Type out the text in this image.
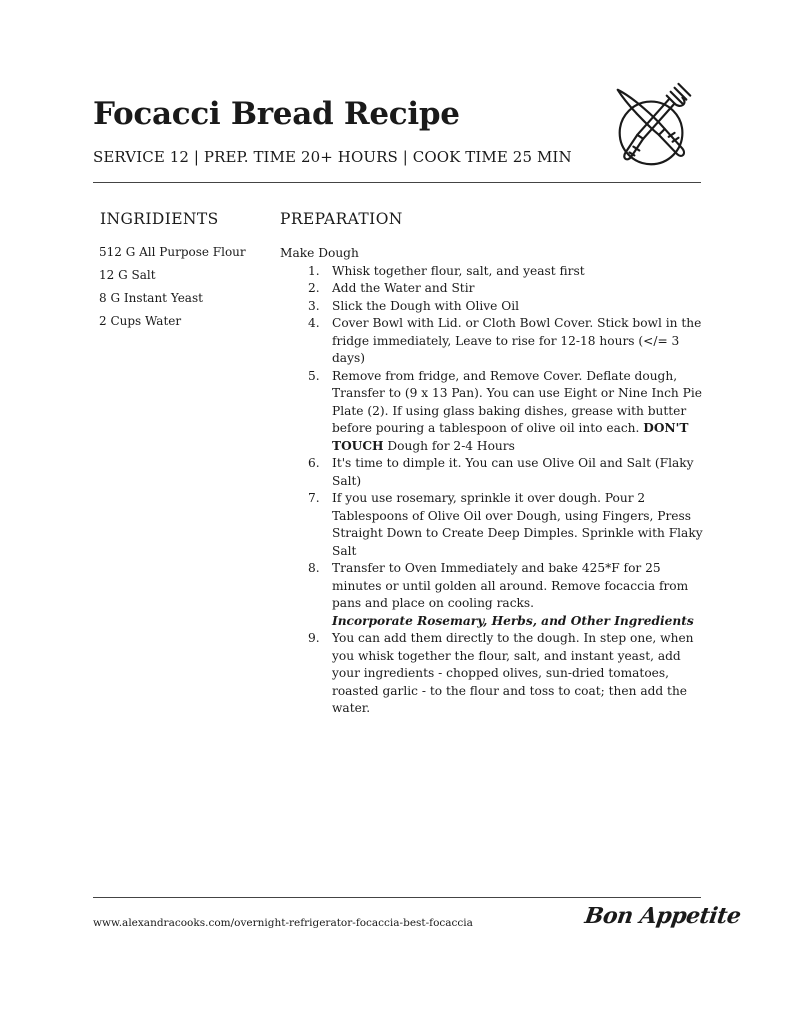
Focacci Bread Recipe
SERVICE 12 | PREP. TIME 20+ HOURS | COOK TIME 25 MIN
INGRIDIENTS	PREPARATION
512 G All Purpose Flour
12 G Salt
8 G Instant Yeast
2 Cups Water
Make Dough
1. Whisk together flour, salt, and yeast first
2. Add the Water and Stir
3. Slick the Dough with Olive Oil
4. Cover Bowl with Lid. or Cloth Bowl Cover. Stick bowl in the fridge immediately, Leave to rise for 12-18 hours (</= 3 days)
5. Remove from fridge, and Remove Cover. Deflate dough, Transfer to (9 x 13 Pan). You can use Eight or Nine Inch Pie Plate (2). If using glass baking dishes, grease with butter before pouring a tablespoon of olive oil into each. DON'T TOUCH Dough for 2-4 Hours
6. It's time to dimple it. You can use Olive Oil and Salt (Flaky Salt)
7. If you use rosemary, sprinkle it over dough. Pour 2 Tablespoons of Olive Oil over Dough, using Fingers, Press Straight Down to Create Deep Dimples. Sprinkle with Flaky Salt
8. Transfer to Oven Immediately and bake 425*F for 25 minutes or until golden all around. Remove focaccia from pans and place on cooling racks.
Incorporate Rosemary, Herbs, and Other Ingredients
9. You can add them directly to the dough. In step one, when you whisk together the flour, salt, and instant yeast, add your ingredients - chopped olives, sun-dried tomatoes, roasted garlic - to the flour and toss to coat; then add the water.
www.alexandracooks.com/overnight-refrigerator-focaccia-best-focaccia	Bon Appetite
